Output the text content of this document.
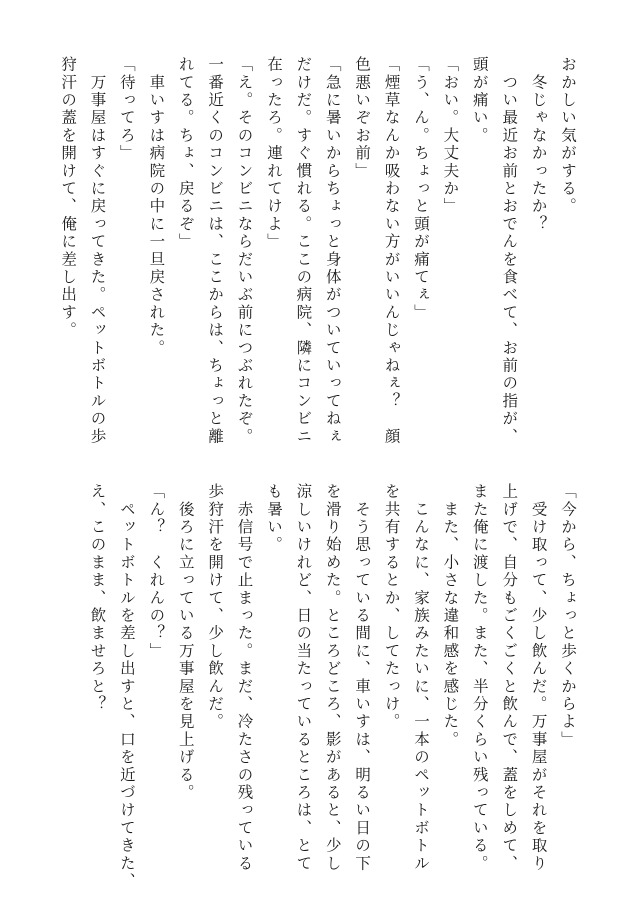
おかしい気がする。
　冬じゃなかったか？
　つい最近お前とおでんを食べて、お前の指が、
頭が痛い。
「おい。大丈夫か」
「う、ん。ちょっと頭が痛てぇ」
「煙草なんか吸わない方がいいんじゃねぇ？　顔
色悪いぞお前」
「急に暑いからちょっと身体がついていってねぇ
だけだ。すぐ慣れる。ここの病院、隣にコンビニ
在ったろ。連れてけよ」
「え。そのコンビニならだいぶ前につぶれたぞ。
一番近くのコンビニは、ここからは、ちょっと離
れてる。ちょ、戻るぞ」
　車いすは病院の中に一旦戻された。
「待ってろ」
　万事屋はすぐに戻ってきた。ペットボトルの歩
狩汗の蓋を開けて、俺に差し出す。
「今から、ちょっと歩くからよ」
　受け取って、少し飲んだ。万事屋がそれを取り
上げで、自分もごくごくと飲んで、蓋をしめて、
また俺に渡した。また、半分くらい残っている。
　また、小さな違和感を感じた。
　こんなに、家族みたいに、一本のペットボトル
を共有するとか、してたっけ。
　そう思っている間に、車いすは、明るい日の下
を滑り始めた。ところどころ、影があると、少し
涼しいけれど、日の当たっているところは、とて
も暑い。
　赤信号で止まった。まだ、冷たさの残っている
歩狩汗を開けて、少し飲んだ。
　後ろに立っている万事屋を見上げる。
「ん？　くれんの？」
　ペットボトルを差し出すと、口を近づけてきた、
え、このまま、飲ませろと？
